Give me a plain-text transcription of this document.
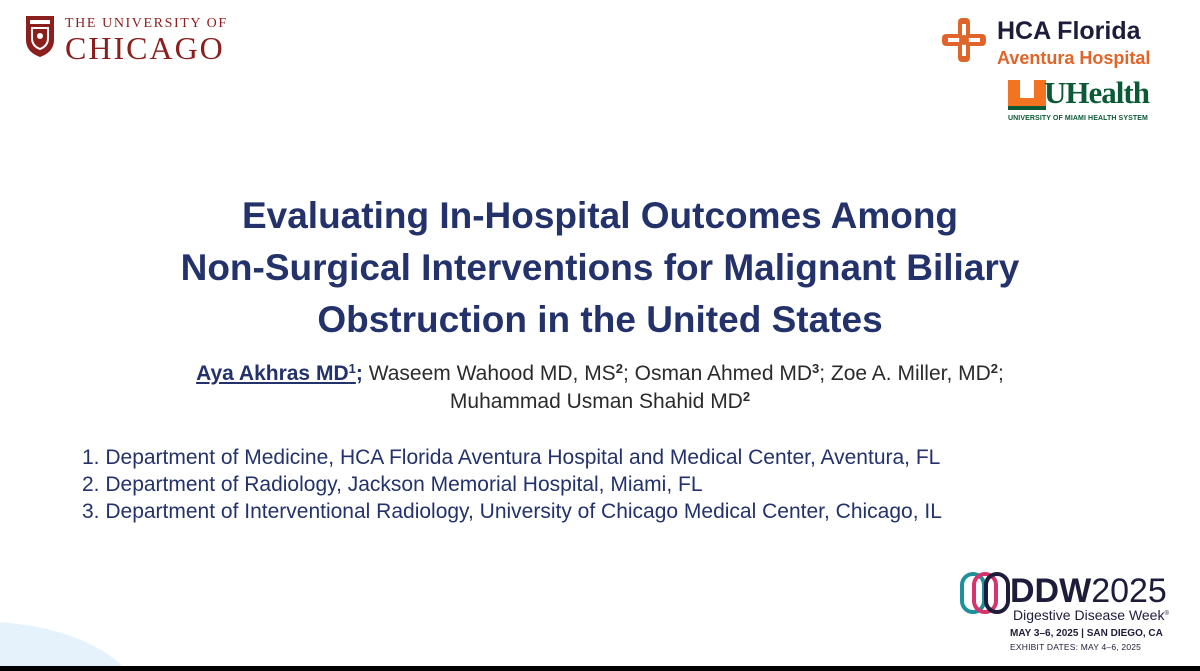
THE UNIVERSITY OF
CHICAGO	HCA Florida
Aventura Hospital
UHealth
UNIVERSITY OF MIAMI HEALTH SYSTEM
Evaluating In-Hospital Outcomes Among
Non-Surgical Interventions for Malignant Biliary
Obstruction in the United States
Aya Akhras $MD^1$; Waseem Wahood MD, $MS^2$; Osman Ahmed $MD^3$; Zoe A. Miller, $MD^2$;
Muhammad Usman Shahid $MD^2$
1. Department of Medicine, HCA Florida Aventura Hospital and Medical Center, Aventura, FL
2. Department of Radiology, Jackson Memorial Hospital, Miami, FL
3. Department of Interventional Radiology, University of Chicago Medical Center, Chicago, IL
DDW2025
Digestive Disease Week®
MAY 3–6, 2025 | SAN DIEGO, CA
EXHIBIT DATES: MAY 4–6, 2025
